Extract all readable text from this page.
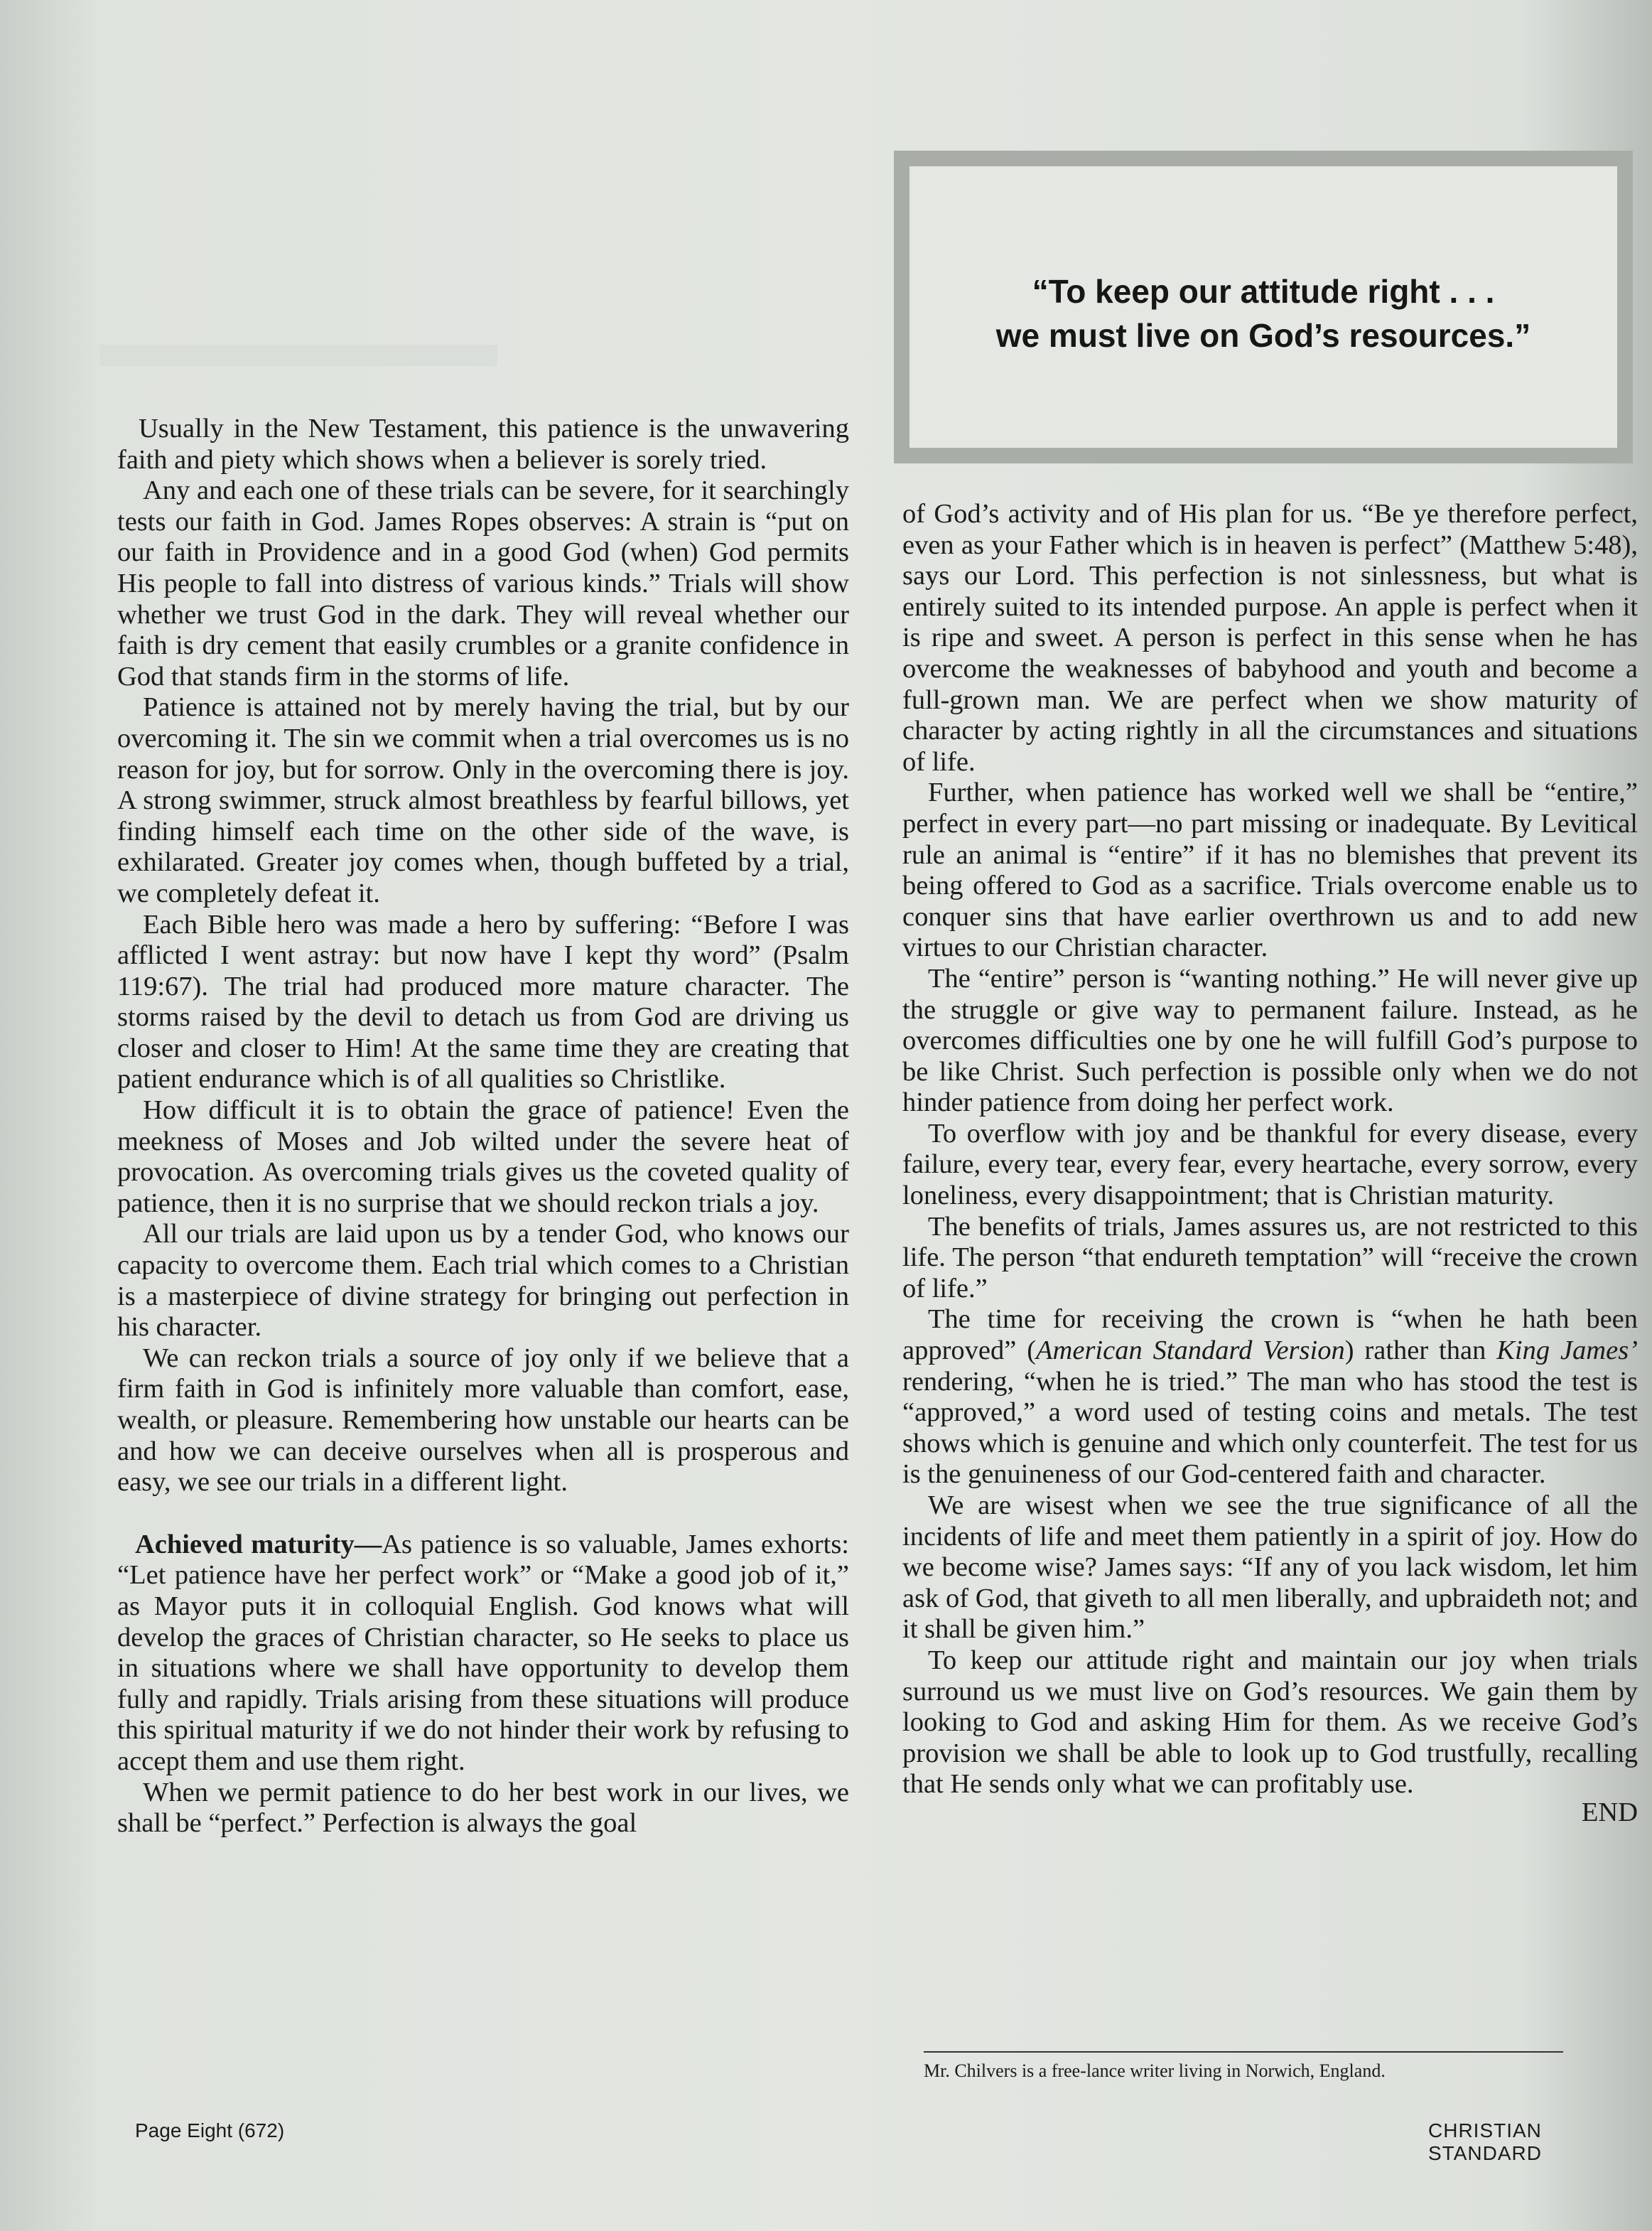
“To keep our attitude right . . .
we must live on God’s resources.”

Usually in the New Testament, this patience is the unwavering faith and piety which shows when a believer is sorely tried.

Any and each one of these trials can be severe, for it searchingly tests our faith in God. James Ropes observes: A strain is “put on our faith in Providence and in a good God (when) God permits His people to fall into distress of various kinds.” Trials will show whether we trust God in the dark. They will reveal whether our faith is dry cement that easily crumbles or a granite confidence in God that stands firm in the storms of life.

Patience is attained not by merely having the trial, but by our overcoming it. The sin we commit when a trial overcomes us is no reason for joy, but for sorrow. Only in the overcoming there is joy. A strong swimmer, struck almost breathless by fearful billows, yet finding himself each time on the other side of the wave, is exhilarated. Greater joy comes when, though buffeted by a trial, we completely defeat it.

Each Bible hero was made a hero by suffering: “Before I was afflicted I went astray: but now have I kept thy word” (Psalm 119:67). The trial had produced more mature character. The storms raised by the devil to detach us from God are driving us closer and closer to Him! At the same time they are creating that patient endurance which is of all qualities so Christlike.

How difficult it is to obtain the grace of patience! Even the meekness of Moses and Job wilted under the severe heat of provocation. As overcoming trials gives us the coveted quality of patience, then it is no surprise that we should reckon trials a joy.

All our trials are laid upon us by a tender God, who knows our capacity to overcome them. Each trial which comes to a Christian is a masterpiece of divine strategy for bringing out perfection in his character.

We can reckon trials a source of joy only if we believe that a firm faith in God is infinitely more valuable than comfort, ease, wealth, or pleasure. Remembering how unstable our hearts can be and how we can deceive ourselves when all is prosperous and easy, we see our trials in a different light.

Achieved maturity—As patience is so valuable, James exhorts: “Let patience have her perfect work” or “Make a good job of it,” as Mayor puts it in colloquial English. God knows what will develop the graces of Christian character, so He seeks to place us in situations where we shall have opportunity to develop them fully and rapidly. Trials arising from these situations will produce this spiritual maturity if we do not hinder their work by refusing to accept them and use them right.

When we permit patience to do her best work in our lives, we shall be “perfect.” Perfection is always the goal

of God’s activity and of His plan for us. “Be ye therefore perfect, even as your Father which is in heaven is perfect” (Matthew 5:48), says our Lord. This perfection is not sinlessness, but what is entirely suited to its intended purpose. An apple is perfect when it is ripe and sweet. A person is perfect in this sense when he has overcome the weaknesses of babyhood and youth and become a full-grown man. We are perfect when we show maturity of character by acting rightly in all the circumstances and situations of life.

Further, when patience has worked well we shall be “entire,” perfect in every part—no part missing or inadequate. By Levitical rule an animal is “entire” if it has no blemishes that prevent its being offered to God as a sacrifice. Trials overcome enable us to conquer sins that have earlier overthrown us and to add new virtues to our Christian character.

The “entire” person is “wanting nothing.” He will never give up the struggle or give way to permanent failure. Instead, as he overcomes difficulties one by one he will fulfill God’s purpose to be like Christ. Such perfection is possible only when we do not hinder patience from doing her perfect work.

To overflow with joy and be thankful for every disease, every failure, every tear, every fear, every heartache, every sorrow, every loneliness, every disappointment; that is Christian maturity.

The benefits of trials, James assures us, are not restricted to this life. The person “that endureth temptation” will “receive the crown of life.”

The time for receiving the crown is “when he hath been approved” (American Standard Version) rather than King James’ rendering, “when he is tried.” The man who has stood the test is “approved,” a word used of testing coins and metals. The test shows which is genuine and which only counterfeit. The test for us is the genuineness of our God-centered faith and character.

We are wisest when we see the true significance of all the incidents of life and meet them patiently in a spirit of joy. How do we become wise? James says: “If any of you lack wisdom, let him ask of God, that giveth to all men liberally, and upbraideth not; and it shall be given him.”

To keep our attitude right and maintain our joy when trials surround us we must live on God’s resources. We gain them by looking to God and asking Him for them. As we receive God’s provision we shall be able to look up to God trustfully, recalling that He sends only what we can profitably use.

END
Mr. Chilvers is a free-lance writer living in Norwich, England.
Page Eight (672)	CHRISTIAN STANDARD
